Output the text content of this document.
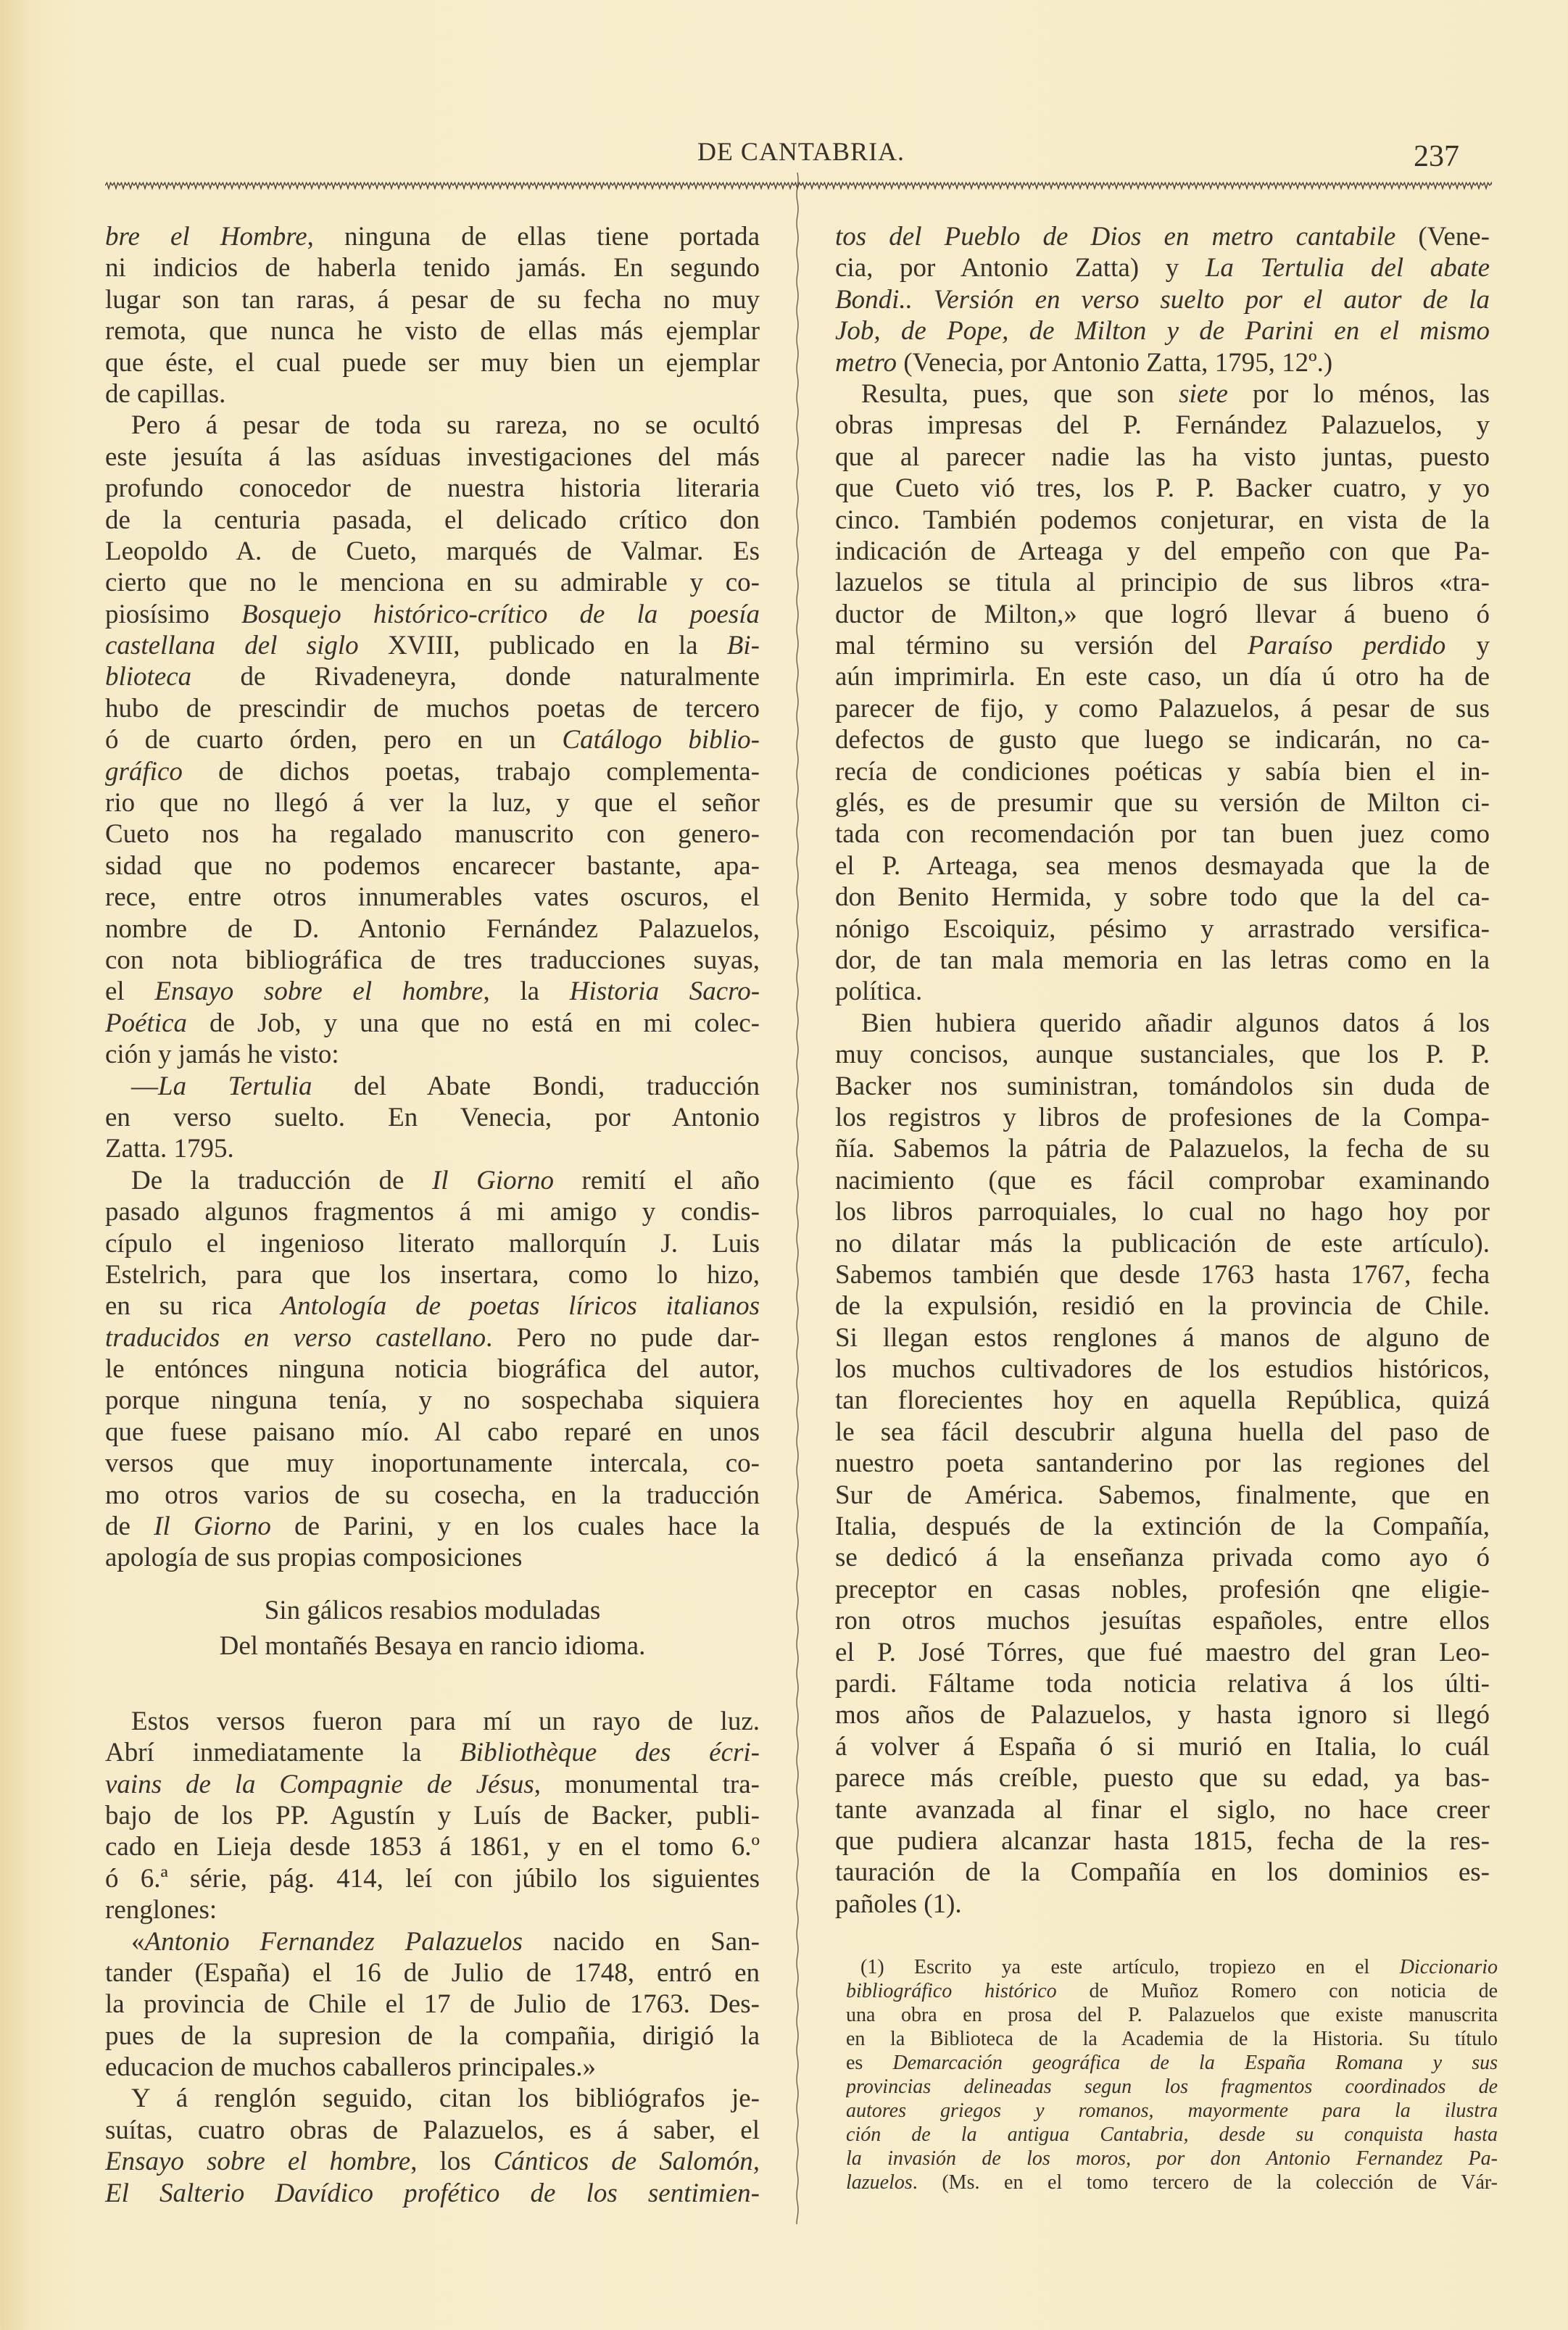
DE CANTABRIA.	237
bre el Hombre, ninguna de ellas tiene portada
ni indicios de haberla tenido jamás. En segundo
lugar son tan raras, á pesar de su fecha no muy
remota, que nunca he visto de ellas más ejemplar
que éste, el cual puede ser muy bien un ejemplar
de capillas.
Pero á pesar de toda su rareza, no se ocultó
este jesuíta á las asíduas investigaciones del más
profundo conocedor de nuestra historia literaria
de la centuria pasada, el delicado crítico don
Leopoldo A. de Cueto, marqués de Valmar. Es
cierto que no le menciona en su admirable y co-
piosísimo Bosquejo histórico-crítico de la poesía
castellana del siglo XVIII, publicado en la Bi-
blioteca de Rivadeneyra, donde naturalmente
hubo de prescindir de muchos poetas de tercero
ó de cuarto órden, pero en un Catálogo biblio-
gráfico de dichos poetas, trabajo complementa-
rio que no llegó á ver la luz, y que el señor
Cueto nos ha regalado manuscrito con genero-
sidad que no podemos encarecer bastante, apa-
rece, entre otros innumerables vates oscuros, el
nombre de D. Antonio Fernández Palazuelos,
con nota bibliográfica de tres traducciones suyas,
el Ensayo sobre el hombre, la Historia Sacro-
Poética de Job, y una que no está en mi colec-
ción y jamás he visto:
—La Tertulia del Abate Bondi, traducción
en verso suelto. En Venecia, por Antonio
Zatta. 1795.
De la traducción de Il Giorno remití el año
pasado algunos fragmentos á mi amigo y condis-
cípulo el ingenioso literato mallorquín J. Luis
Estelrich, para que los insertara, como lo hizo,
en su rica Antología de poetas líricos italianos
traducidos en verso castellano. Pero no pude dar-
le entónces ninguna noticia biográfica del autor,
porque ninguna tenía, y no sospechaba siquiera
que fuese paisano mío. Al cabo reparé en unos
versos que muy inoportunamente intercala, co-
mo otros varios de su cosecha, en la traducción
de Il Giorno de Parini, y en los cuales hace la
apología de sus propias composiciones
Sin gálicos resabios moduladas
Del montañés Besaya en rancio idioma.
Estos versos fueron para mí un rayo de luz.
Abrí inmediatamente la Bibliothèque des écri-
vains de la Compagnie de Jésus, monumental tra-
bajo de los PP. Agustín y Luís de Backer, publi-
cado en Lieja desde 1853 á 1861, y en el tomo 6.º
ó 6.ª série, pág. 414, leí con júbilo los siguientes
renglones:
«Antonio Fernandez Palazuelos nacido en San-
tander (España) el 16 de Julio de 1748, entró en
la provincia de Chile el 17 de Julio de 1763. Des-
pues de la supresion de la compañia, dirigió la
educacion de muchos caballeros principales.»
Y á renglón seguido, citan los bibliógrafos je-
suítas, cuatro obras de Palazuelos, es á saber, el
Ensayo sobre el hombre, los Cánticos de Salomón,
El Salterio Davídico profético de los sentimien-
tos del Pueblo de Dios en metro cantabile (Vene-
cia, por Antonio Zatta) y La Tertulia del abate
Bondi.. Versión en verso suelto por el autor de la
Job, de Pope, de Milton y de Parini en el mismo
metro (Venecia, por Antonio Zatta, 1795, 12º.)
Resulta, pues, que son siete por lo ménos, las
obras impresas del P. Fernández Palazuelos, y
que al parecer nadie las ha visto juntas, puesto
que Cueto vió tres, los P. P. Backer cuatro, y yo
cinco. También podemos conjeturar, en vista de la
indicación de Arteaga y del empeño con que Pa-
lazuelos se titula al principio de sus libros «tra-
ductor de Milton,» que logró llevar á bueno ó
mal término su versión del Paraíso perdido y
aún imprimirla. En este caso, un día ú otro ha de
parecer de fijo, y como Palazuelos, á pesar de sus
defectos de gusto que luego se indicarán, no ca-
recía de condiciones poéticas y sabía bien el in-
glés, es de presumir que su versión de Milton ci-
tada con recomendación por tan buen juez como
el P. Arteaga, sea menos desmayada que la de
don Benito Hermida, y sobre todo que la del ca-
nónigo Escoiquiz, pésimo y arrastrado versifica-
dor, de tan mala memoria en las letras como en la
política.
Bien hubiera querido añadir algunos datos á los
muy concisos, aunque sustanciales, que los P. P.
Backer nos suministran, tomándolos sin duda de
los registros y libros de profesiones de la Compa-
ñía. Sabemos la pátria de Palazuelos, la fecha de su
nacimiento (que es fácil comprobar examinando
los libros parroquiales, lo cual no hago hoy por
no dilatar más la publicación de este artículo).
Sabemos también que desde 1763 hasta 1767, fecha
de la expulsión, residió en la provincia de Chile.
Si llegan estos renglones á manos de alguno de
los muchos cultivadores de los estudios históricos,
tan florecientes hoy en aquella República, quizá
le sea fácil descubrir alguna huella del paso de
nuestro poeta santanderino por las regiones del
Sur de América. Sabemos, finalmente, que en
Italia, después de la extinción de la Compañía,
se dedicó á la enseñanza privada como ayo ó
preceptor en casas nobles, profesión qne eligie-
ron otros muchos jesuítas españoles, entre ellos
el P. José Tórres, que fué maestro del gran Leo-
pardi. Fáltame toda noticia relativa á los últi-
mos años de Palazuelos, y hasta ignoro si llegó
á volver á España ó si murió en Italia, lo cuál
parece más creíble, puesto que su edad, ya bas-
tante avanzada al finar el siglo, no hace creer
que pudiera alcanzar hasta 1815, fecha de la res-
tauración de la Compañía en los dominios es-
pañoles (1).
(1) Escrito ya este artículo, tropiezo en el Diccionario
bibliográfico histórico de Muñoz Romero con noticia de
una obra en prosa del P. Palazuelos que existe manuscrita
en la Biblioteca de la Academia de la Historia. Su título
es Demarcación geográfica de la España Romana y sus
provincias delineadas segun los fragmentos coordinados de
autores griegos y romanos, mayormente para la ilustra
ción de la antigua Cantabria, desde su conquista hasta
la invasión de los moros, por don Antonio Fernandez Pa-
lazuelos. (Ms. en el tomo tercero de la colección de Vár-
